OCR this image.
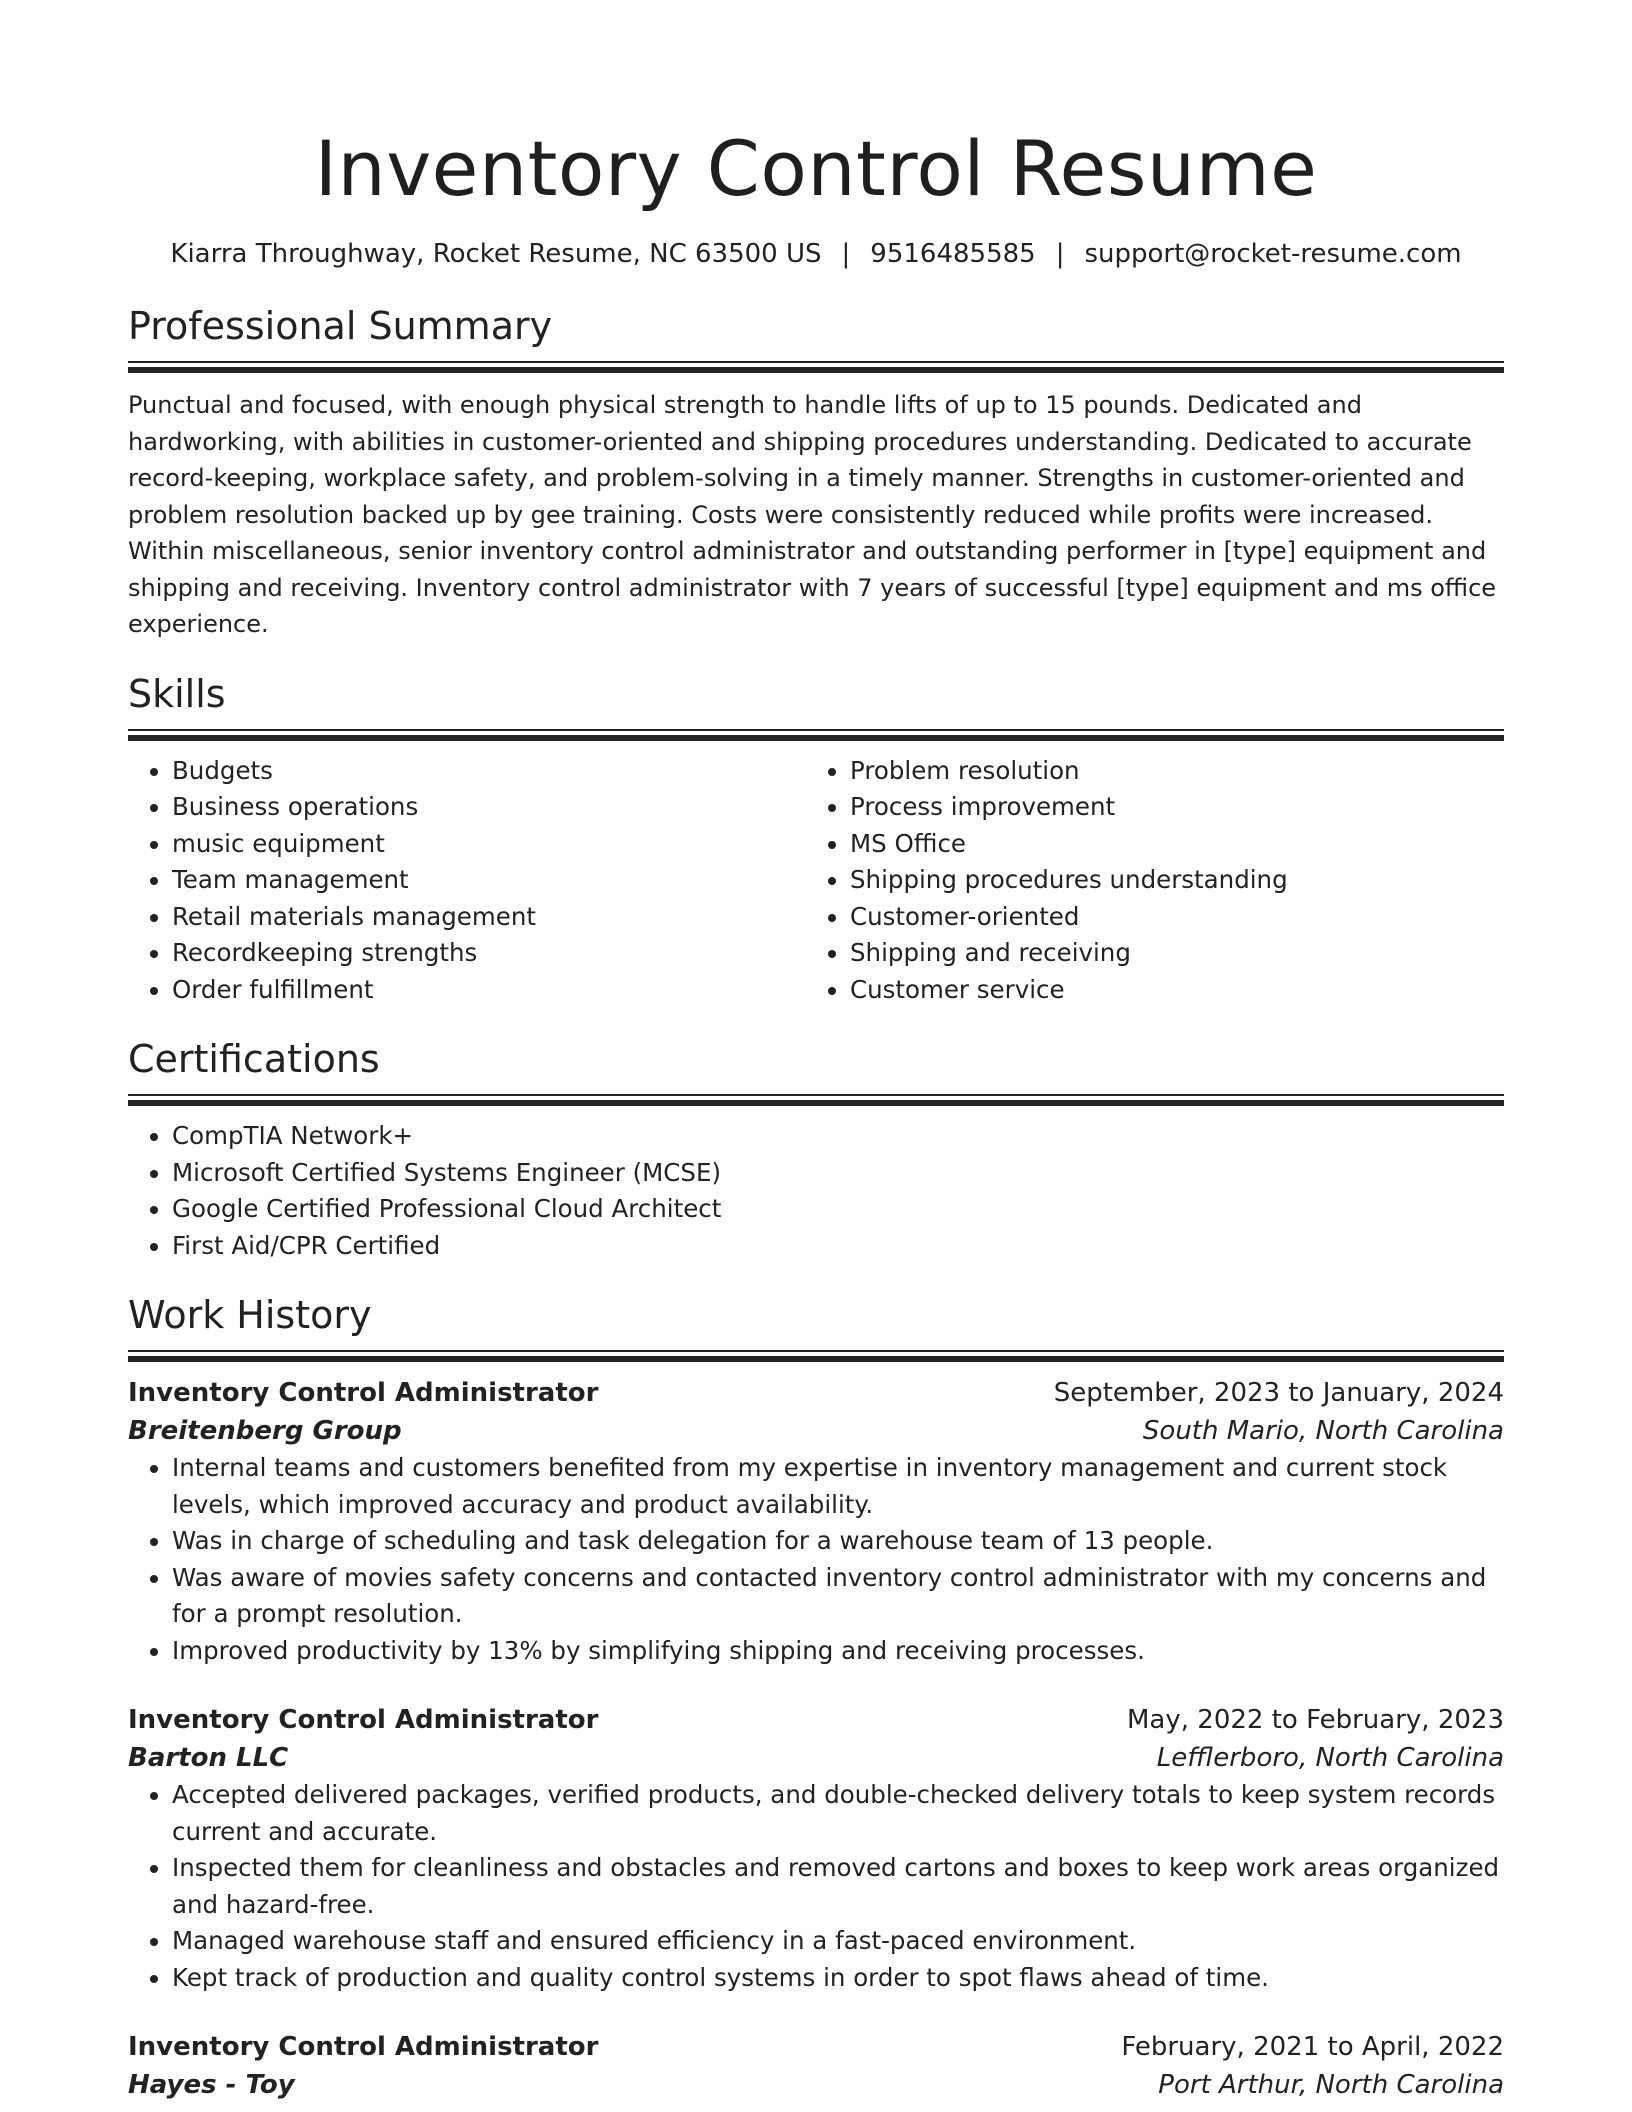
Inventory Control Resume
Kiarra Throughway, Rocket Resume, NC 63500 US | 9516485585 | support@rocket-resume.com
Professional Summary

Punctual and focused, with enough physical strength to handle lifts of up to 15 pounds. Dedicated and hardworking, with abilities in customer-oriented and shipping procedures understanding. Dedicated to accurate record-keeping, workplace safety, and problem-solving in a timely manner. Strengths in customer-oriented and problem resolution backed up by gee training. Costs were consistently reduced while profits were increased. Within miscellaneous, senior inventory control administrator and outstanding performer in [type] equipment and shipping and receiving. Inventory control administrator with 7 years of successful [type] equipment and ms office experience.

Skills
• Budgets
• Business operations
• music equipment
• Team management
• Retail materials management
• Recordkeeping strengths
• Order fulfillment
• Problem resolution
• Process improvement
• MS Office
• Shipping procedures understanding
• Customer-oriented
• Shipping and receiving
• Customer service
Certifications
• CompTIA Network+
• Microsoft Certified Systems Engineer (MCSE)
• Google Certified Professional Cloud Architect
• First Aid/CPR Certified
Work History
Inventory Control Administrator	September, 2023 to January, 2024
Breitenberg Group	South Mario, North Carolina
• Internal teams and customers benefited from my expertise in inventory management and current stock levels, which improved accuracy and product availability.
• Was in charge of scheduling and task delegation for a warehouse team of 13 people.
• Was aware of movies safety concerns and contacted inventory control administrator with my concerns and for a prompt resolution.
• Improved productivity by 13% by simplifying shipping and receiving processes.
Inventory Control Administrator	May, 2022 to February, 2023
Barton LLC	Lefflerboro, North Carolina
• Accepted delivered packages, verified products, and double-checked delivery totals to keep system records current and accurate.
• Inspected them for cleanliness and obstacles and removed cartons and boxes to keep work areas organized and hazard-free.
• Managed warehouse staff and ensured efficiency in a fast-paced environment.
• Kept track of production and quality control systems in order to spot flaws ahead of time.
Inventory Control Administrator	February, 2021 to April, 2022
Hayes - Toy	Port Arthur, North Carolina
